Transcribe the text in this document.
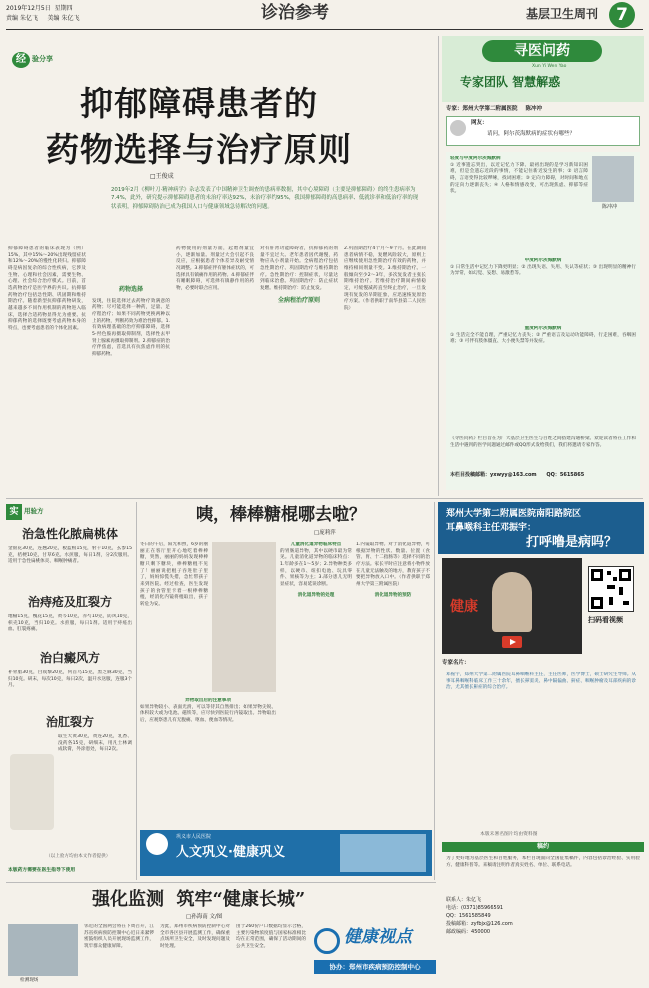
2019年12月5日 星期四
责编 朱亿飞 美编 朱亿飞	诊治参考	基层卫生周刊	7
经 验分享
抑郁障碍患者的
药物选择与治疗原则
□王俊成
2019年2月《柳叶刀·精神病学》杂志发表了中国精神卫生调查的患病率数据，其中心境障碍（主要是抑郁障碍）的终生患病率为7.4%，此外，研究提示抑郁障碍患者的未治疗率达92%，未治疗率约95%，我国抑郁障碍的高患病率、低就诊率和低治疗率的现状表明，抑郁障碍防治已成为我国人口与健康领域急待解决的问题。
抑郁障碍患者的临床表现为（例）15%，其中15%～20%出现残留症状和12%～20%的慢性化转归。抑郁障碍是病因复杂的综合性疾病，它涉及生物、心理和社会因素，需要生物、心理、社会综合治疗模式。目前，首选药物治疗是医学界的共识。抗抑郁药物治疗包括急性期、巩固期和维持期治疗。随着新型抗抑郁药物研发，越来越多不同作用机制的药物进入临床，选择合适药物显得尤为重要。抗抑郁药物的选择既要考虑药物本身的特点，也要考虑患者的个体化因素。
药物选择
发现，住院选择过去药物疗效满意的药物；尽可能选择一种药，足量、足疗程治疗；如果不同药物更换两种以上的药物，判断药效为难治性抑郁。1.有效病理基础的治疗抑郁障碍，选择5-羟色胺再摄取抑制剂，选择性去甲肾上腺素再摄取抑制剂。2.抑郁症的治疗伴焦虑，首选具有抗焦虑作用的抗抑郁药物。
药物使用的剂量方面，起始剂量宜小，逐渐加量。剂量过大会引起不良反应，应根据患者个体差异及耐受情况调整。3.抑郁症伴有躯体症状的，可选择具有镇痛作用的药物。4.抑郁症伴有睡眠障碍，可选择有镇静作用的药物，必要时联合应用。
对有肝肾功能障碍者，抗抑郁药的剂量不宜过大。老年患者因代谢慢，药物应从小剂量开始。全病程治疗包括急性期治疗、巩固期治疗与维持期治疗。急性期治疗：控制症状，尽量达到临床治愈。巩固期治疗：防止症状复燃。维持期治疗：防止复发。
全病程治疗原则
2.巩固期治疗4个月～9个月。在此期间患者病情不稳，复燃风险较大，原则上应继续使用急性期治疗有效的药物，并维持相同剂量不变。3.维持期治疗。一般倾向至少2～3年，多次复发者主张长期维持治疗。若维持治疗期间病情稳定，可缓慢减药直至终止治疗，一旦发现有复发的早期征象，应迅速恢复原治疗方案。（作者供职于南华县第二人民医院）
寻医问药
Xun Yi Wen Yao
专家团队 智慧解惑
专家：郑州大学第二附属医院 陈冲冲
网友：
请问，阿尔茨海默病的症状有哪些？
陈冲冲
轻度与中度阿尔茨海默病
① 近事遗忘突出，以近记忆力下降、最初出现的是学习新知识困难，但是会遗忘近段的事情，不能记住新近发生的事；② 语言障碍，言语变得比较啰嗦，找词困难；③ 定向力障碍，对时间和地点的定向力逐渐丧失；④ 人格和情感改变，可出现焦虑、抑郁等症状。
中度阿尔茨海默病
① 日常生活中记忆力下降更明显；② 出现失语、失用、失认等症状；③ 出现明显的精神行为异常，如幻觉、妄想、易激惹等。
重度阿尔茨海默病
① 生活完全不能自理，严重记忆力丧失；② 严重语言及运动功能障碍，行走困难，吞咽困难；③ 可伴有肢体僵直、大小便失禁等并发症。
《寻医问药》栏目旨在为广大基层卫生医生与百姓之间搭建沟通桥梁。欢迎读者将在工作和生活中遇到的医学问题通过邮件或QQ形式发给我们，我们将邀请专家作答。
本栏目投稿邮箱：yxwyy@163.com QQ：5615865
实 用验方
治急性化脓扁桃体
金银花30克，连翘20克，板蓝根15克，射干10克，玄参15克，桔梗10克，甘草6克。水煎服，每日1剂，分2次服用。适用于急性扁桃体炎、咽喉肿痛者。
治痔疮及肛裂方
地榆15克，槐花15克，黄芩10克，赤芍10克，防风10克，枳壳10克，当归10克。水煎服，每日1剂。适用于痔疮出血、肛裂疼痛。
治白癜风方
补骨脂30克，白蒺藜20克，何首乌15克，黑芝麻30克，当归10克。研末，每次10克，每日2次，温开水送服，连服3个月。
治肛裂方
取生大黄30克，黄连20克，乳香、没药各15克，研细末，用凡士林调成软膏，外涂患处，每日2次。
（以上验方均由本文作者提供）
本版药方需要在医生指导下使用
咦，棒棒糖棍哪去啦？
□庞莉萍
冬日的午后，阳光和煦，6岁的丽丽正在客厅里开心地吃着棒棒糖，突然，丽丽的妈妈发现棒棒糖只剩下糖块，棒棒糖棍不见了！丽丽说把棍子吞进肚子里了，妈妈惊慌失措，急忙带孩子来到医院。经过检查，医生发现孩子的食管里卡着一根棒棒糖棍，经消化内镜将棍取出，孩子转危为安。
儿童消化道异物临床特点
的胃肠道异物，其中以硬币最为常见。儿童消化道异物的临床特点：1.年龄多在1～5岁；2.异物种类多样，以硬币、纽扣电池、玩具零件、果核等为主；3.部分患儿无明显症状，容易延误诊断。
消化道异物的处理
1.内镜取异物。对于消化道异物，可根据异物的性状、数量、位置（食管、胃、十二指肠等）选择不同的治疗方法。家长平时应注意将小物件放在儿童无法触及的地方，教育孩子不要把异物放入口中。（作者供职于郑州大学第三附属医院）
消化道异物的预防
异物取出后的注意事项
如果异物较小、表面光滑，可以等待其自然排出；如果异物尖锐、体积较大或为电池、磁铁等，应尽快到医院行内镜取出。异物取出后，应观察患儿有无腹痛、呕血、便血等情况。
巩义市人民医院
人文巩义·健康巩义
郑州大学第二附属医院南阳路院区
耳鼻喉科主任邓振宇：
打呼噜是病吗？
健康
扫码看视频
专家名片：
邓振宇，郑州大学第二附属医院耳鼻咽喉科主任，主任医师，医学博士，硕士研究生导师。从事耳鼻咽喉科临床工作三十余年，擅长鼻窦炎、鼻中隔偏曲、鼾症、咽喉肿瘤及耳部疾病的诊治，尤其擅长鼾症的综合治疗。
本版未署名图片均由资料图
稿约
为了更好地为基层医生和百姓服务，本栏目现面向全国征集稿件，内容包括诊治经验、实用验方、健康科普等。来稿请注明作者真实姓名、单位、联系电话。
联系人：朱亿飞
电话：(0371)85966591
QQ：1561585849
投稿邮箱：zyfbjx@126.com
邮政编码：450000
强化监测 筑牢“健康长城”
□孙海南 文/图
检测现场
邻近的全国两会将在下周召开，江苏省疾病预防控制中心近日来紧锣密鼓组织人员开展现场监测工作，筑牢群众健康屏障。
为此，郑州市疾病预防控制中心对全市各区县开展监测工作，确保重点场所卫生安全，及时发现问题及时处理。
由于260份户口数据均显示合格，主要污染物浓度值与国家标准相比均在正常范围，确保了活动期间的公共卫生安全。	健康视点
协办：郑州市疾病预防控制中心
